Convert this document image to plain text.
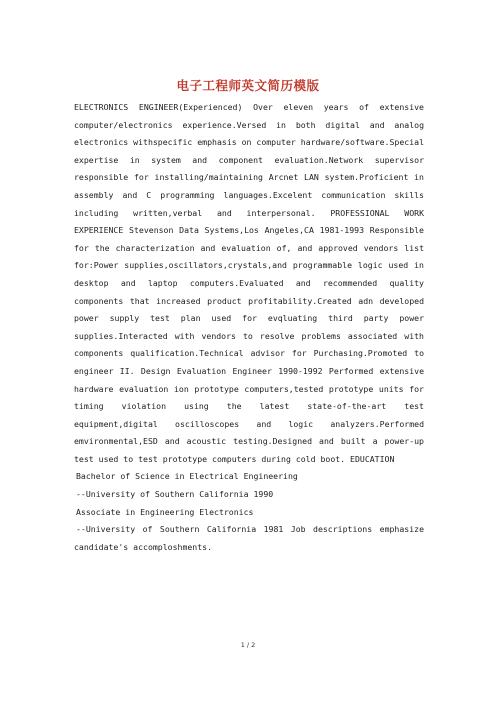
电子工程师英文简历模版

ELECTRONICS ENGINEER(Experienced) Over eleven years of extensive computer/electronics experience.Versed in both digital and analog electronics withspecific emphasis on computer hardware/software.Special expertise in system and component evaluation.Network supervisor responsible for installing/maintaining Arcnet LAN system.Proficient in assembly and C programming languages.Excelent communication skills including written,verbal and interpersonal. PROFESSIONAL WORK EXPERIENCE Stevenson Data Systems,Los Angeles,CA 1981-1993 Responsible for the characterization and evaluation of, and approved vendors list for:Power supplies,oscillators,crystals,and programmable logic used in desktop and laptop computers.Evaluated and recommended quality components that increased product profitability.Created adn developed power supply test plan used for evqluating third party power supplies.Interacted with vendors to resolve problems associated with components qualification.Technical advisor for Purchasing.Promoted to engineer II. Design Evaluation Engineer 1990-1992 Performed extensive hardware evaluation ion prototype computers,tested prototype units for timing violation using the latest state-of-the-art test equipment,digital oscilloscopes and logic analyzers.Performed emvironmental,ESD and acoustic testing.Designed and built a power-up test used to test prototype computers during cold boot. EDUCATION

Bachelor of Science in Electrical Engineering

--University of Southern California 1990

Associate in Engineering Electronics

--University of Southern California 1981 Job descriptions emphasize candidate's accomploshments.

1 / 2
